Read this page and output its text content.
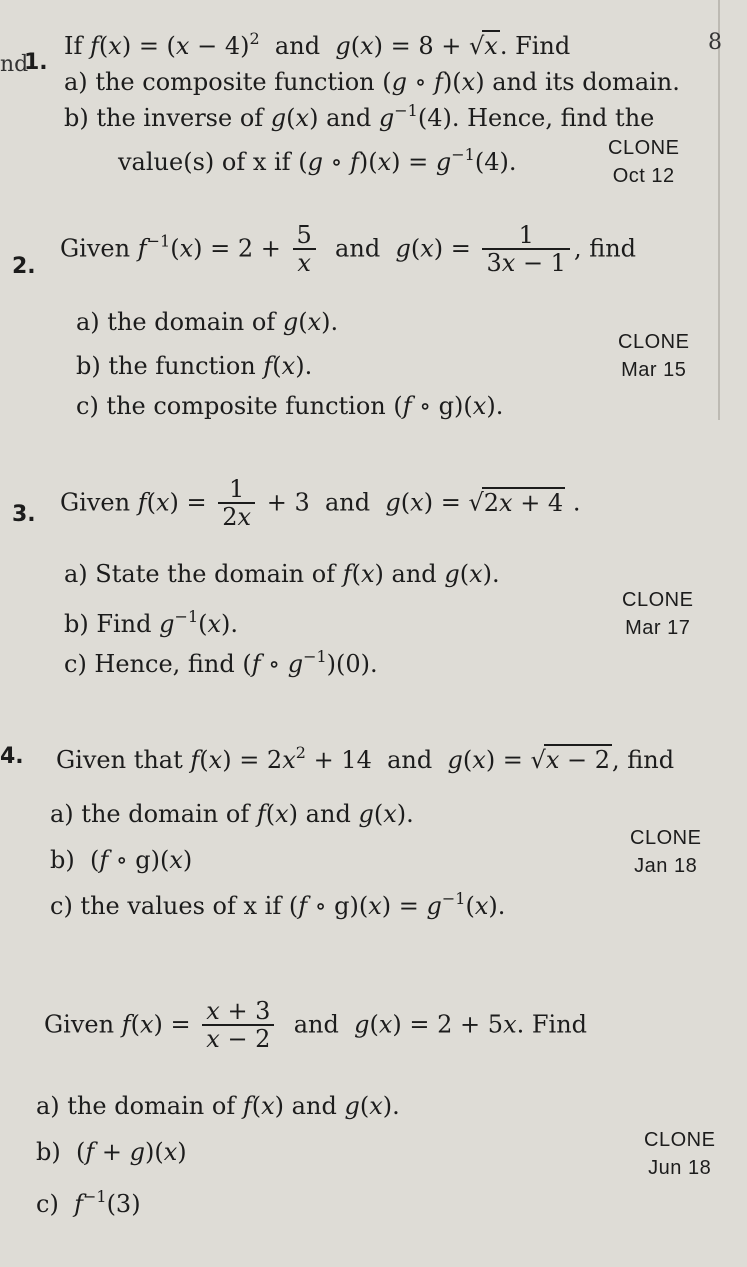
nd
8
1.
If $f(x) = (x - 4)^2$ and g(x) = 8 + √x. Find
a) the composite function (g ∘ f)(x) and its domain.
b) the inverse of g(x) and $g^{-1}(4)$. Hence, find the
value(s) of x if (g ∘ $f)(x) = g^{-1}(4)$.	CLONE
Oct 12
2.
Given $f^{-1}(x) = 2 + \frac{5}{x}$ and $g(x) = \frac{1}{3x - 1}$ , find
a) the domain of g(x).
b) the function f(x).
c) the composite function (f ∘ g)(x).
CLONE
Mar 15
3. Given $f(x) = \frac{1}{2x} + 3$  and g(x) = √2x + 4 .
a) State the domain of f(x) and g(x).
b) Find $g^{-1}(x)$.
c) Hence, find (f ∘ $g^{-1})(0)$.
CLONE
Mar 17
4. Given that $f(x) = 2x^2 + 14$  and g(x) = √x − 2, find
a) the domain of f(x) and g(x).
b)  (f ∘ g)(x)
c) the values of x if (f ∘ $g)(x) = g^{-1}(x)$.
CLONE
Jan 18
Given $f(x) = \frac{x + 3}{x - 2}$ and g(x) = 2 + 5x. Find
a) the domain of f(x) and g(x).
b)  (f + g)(x)
c) $f^{-1}(3)$
CLONE
Jun 18
